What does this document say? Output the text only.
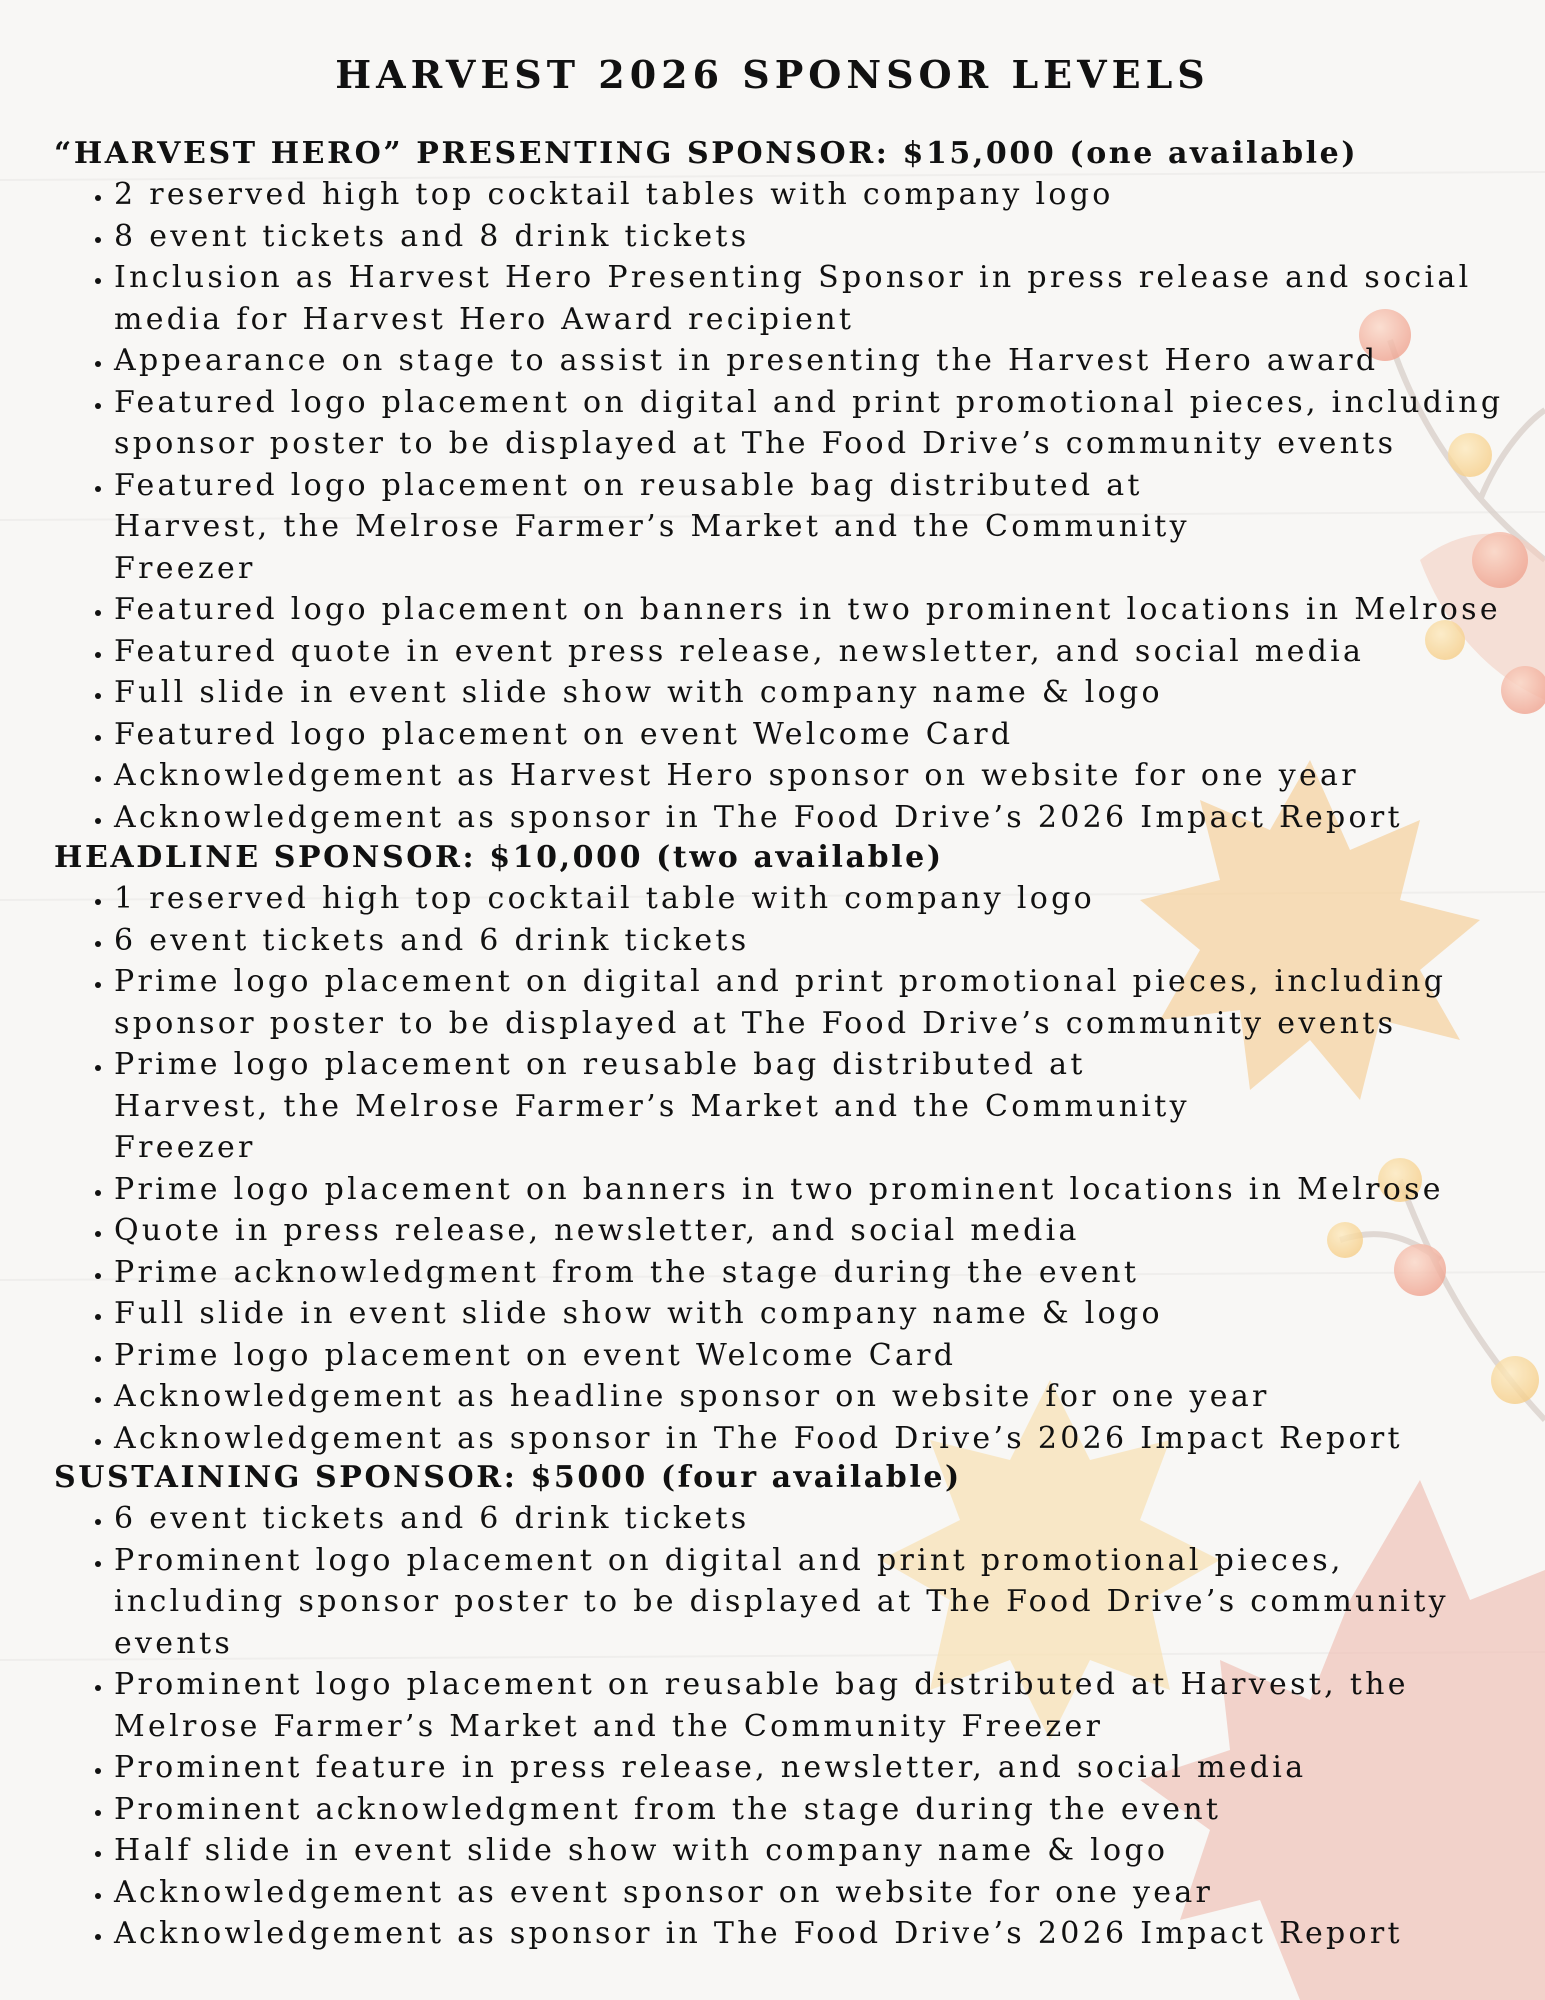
HARVEST 2026 SPONSOR LEVELS
“HARVEST HERO” PRESENTING SPONSOR: $15,000 (one available)
• 2 reserved high top cocktail tables with company logo
• 8 event tickets and 8 drink tickets
• Inclusion as Harvest Hero Presenting Sponsor in press release and social media for Harvest Hero Award recipient
• Appearance on stage to assist in presenting the Harvest Hero award
• Featured logo placement on digital and print promotional pieces, including sponsor poster to be displayed at The Food Drive’s community events
• Featured logo placement on reusable bag distributed at Harvest, the Melrose Farmer’s Market and the Community Freezer
• Featured logo placement on banners in two prominent locations in Melrose
• Featured quote in event press release, newsletter, and social media
• Full slide in event slide show with company name & logo
• Featured logo placement on event Welcome Card
• Acknowledgement as Harvest Hero sponsor on website for one year
• Acknowledgement as sponsor in The Food Drive’s 2026 Impact Report
HEADLINE SPONSOR: $10,000 (two available)
• 1 reserved high top cocktail table with company logo
• 6 event tickets and 6 drink tickets
• Prime logo placement on digital and print promotional pieces, including sponsor poster to be displayed at The Food Drive’s community events
• Prime logo placement on reusable bag distributed at Harvest, the Melrose Farmer’s Market and the Community Freezer
• Prime logo placement on banners in two prominent locations in Melrose
• Quote in press release, newsletter, and social media
• Prime acknowledgment from the stage during the event
• Full slide in event slide show with company name & logo
• Prime logo placement on event Welcome Card
• Acknowledgement as headline sponsor on website for one year
• Acknowledgement as sponsor in The Food Drive’s 2026 Impact Report
SUSTAINING SPONSOR: $5000 (four available)
• 6 event tickets and 6 drink tickets
• Prominent logo placement on digital and print promotional pieces, including sponsor poster to be displayed at The Food Drive’s community events
• Prominent logo placement on reusable bag distributed at Harvest, the Melrose Farmer’s Market and the Community Freezer
• Prominent feature in press release, newsletter, and social media
• Prominent acknowledgment from the stage during the event
• Half slide in event slide show with company name & logo
• Acknowledgement as event sponsor on website for one year
• Acknowledgement as sponsor in The Food Drive’s 2026 Impact Report
